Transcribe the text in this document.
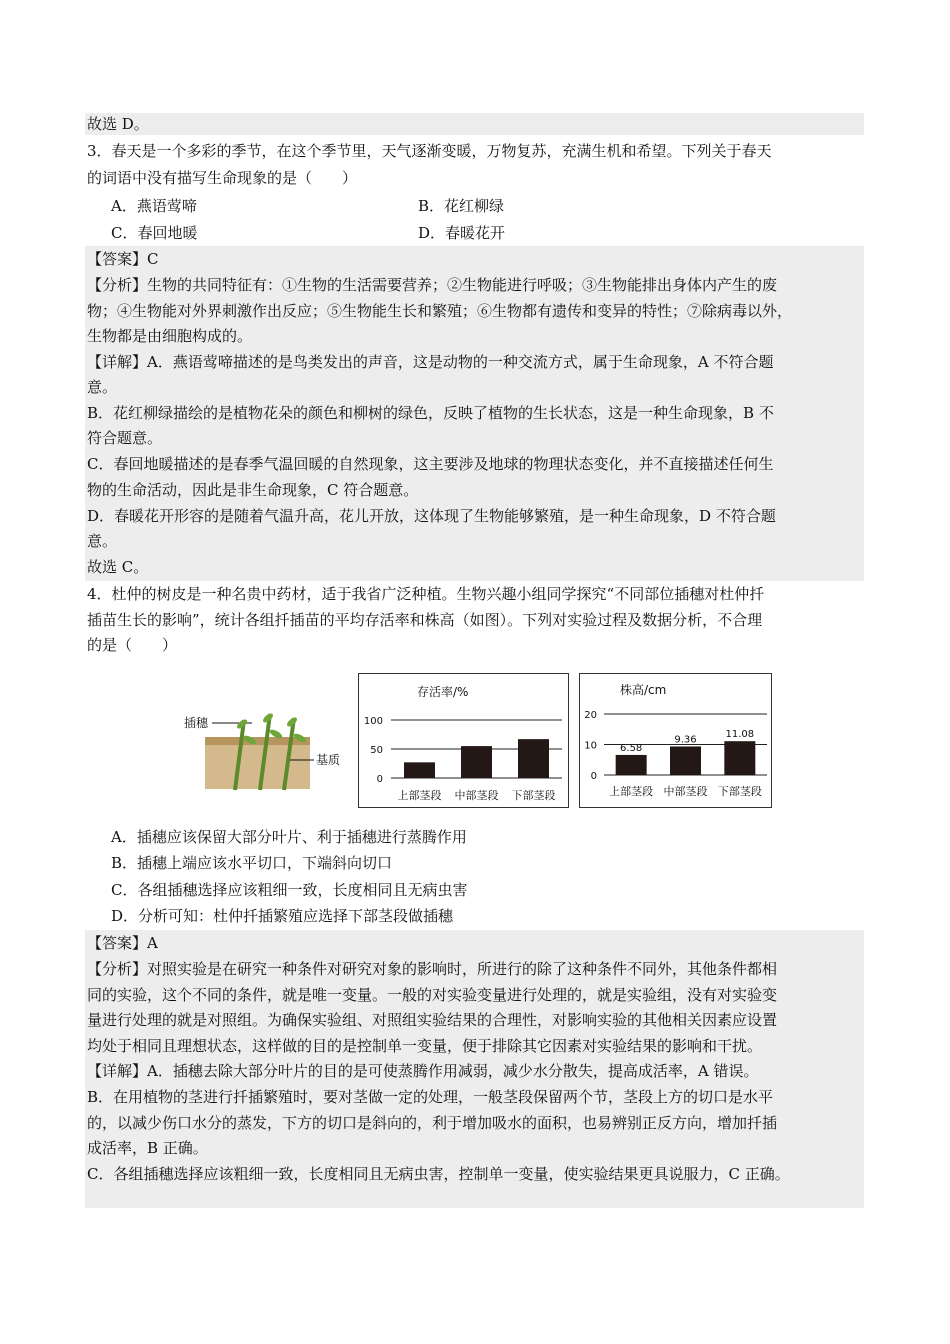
故选 D。
3．春天是一个多彩的季节，在这个季节里，天气逐渐变暖，万物复苏，充满生机和希望。下列关于春天
的词语中没有描写生命现象的是（　　）
A．燕语莺啼	B．花红柳绿
C．春回地暖	D．春暖花开
【答案】C
【分析】生物的共同特征有：①生物的生活需要营养；②生物能进行呼吸；③生物能排出身体内产生的废
物；④生物能对外界刺激作出反应；⑤生物能生长和繁殖；⑥生物都有遗传和变异的特性；⑦除病毒以外，
生物都是由细胞构成的。
【详解】A．燕语莺啼描述的是鸟类发出的声音，这是动物的一种交流方式，属于生命现象，A 不符合题
意。
B．花红柳绿描绘的是植物花朵的颜色和柳树的绿色，反映了植物的生长状态，这是一种生命现象，B 不
符合题意。
C．春回地暖描述的是春季气温回暖的自然现象，这主要涉及地球的物理状态变化，并不直接描述任何生
物的生命活动，因此是非生命现象，C 符合题意。
D．春暖花开形容的是随着气温升高，花儿开放，这体现了生物能够繁殖，是一种生命现象，D 不符合题
意。
故选 C。
4．杜仲的树皮是一种名贵中药材，适于我省广泛种植。生物兴趣小组同学探究“不同部位插穗对杜仲扦
插苗生长的影响”，统计各组扦插苗的平均存活率和株高（如图）。下列对实验过程及数据分析，不合理
的是（　　）
插穗
基质
存活率/%
0
50
100
上部茎段 中部茎段 下部茎段
株高/cm
0
10
20
6.58
上部茎段
9.36
中部茎段
11.08
下部茎段
A．插穗应该保留大部分叶片、利于插穗进行蒸腾作用
B．插穗上端应该水平切口，下端斜向切口
C．各组插穗选择应该粗细一致，长度相同且无病虫害
D．分析可知：杜仲扦插繁殖应选择下部茎段做插穗
【答案】A
【分析】对照实验是在研究一种条件对研究对象的影响时，所进行的除了这种条件不同外，其他条件都相
同的实验，这个不同的条件，就是唯一变量。一般的对实验变量进行处理的，就是实验组，没有对实验变
量进行处理的就是对照组。为确保实验组、对照组实验结果的合理性，对影响实验的其他相关因素应设置
均处于相同且理想状态，这样做的目的是控制单一变量，便于排除其它因素对实验结果的影响和干扰。
【详解】A．插穗去除大部分叶片的目的是可使蒸腾作用减弱，减少水分散失，提高成活率，A 错误。
B．在用植物的茎进行扦插繁殖时，要对茎做一定的处理，一般茎段保留两个节，茎段上方的切口是水平
的，以减少伤口水分的蒸发，下方的切口是斜向的，利于增加吸水的面积，也易辨别正反方向，增加扦插
成活率，B 正确。
C．各组插穗选择应该粗细一致，长度相同且无病虫害，控制单一变量，使实验结果更具说服力，C 正确。
